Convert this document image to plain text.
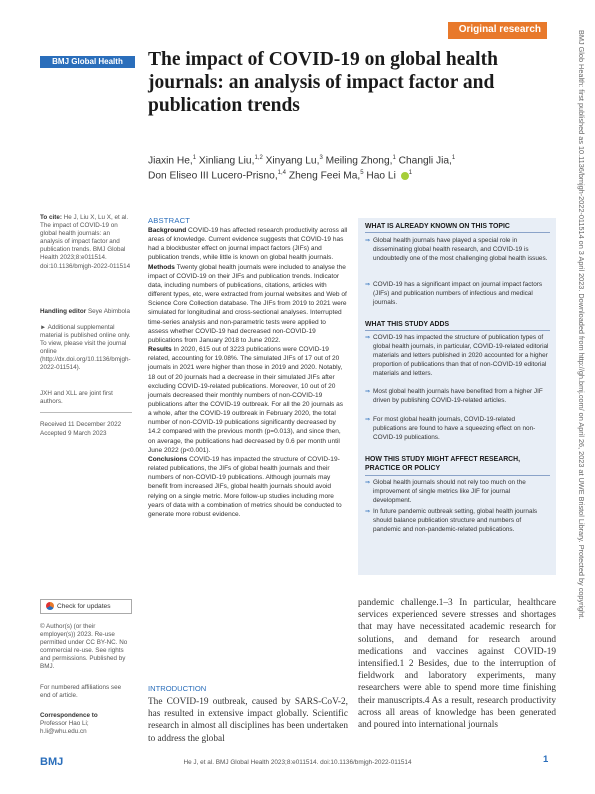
Original research
BMJ Global Health	The impact of COVID-19 on global health journals: an analysis of impact factor and publication trends
Jiaxin He,$^1$ Xinliang Liu,$^{1,2}$ Xinyang Lu,$^3$ Meiling Zhong,$^1$ Changli Jia,$^1$
Don Eliseo III Lucero-Prisno,$^{1,4}$ Zheng Feei Ma,$^5$ Hao Li $^1$
To cite: He J, Liu X, Lu X, et al. The impact of COVID-19 on global health journals: an analysis of impact factor and publication trends. BMJ Global Health 2023;8:e011514. doi:10.1136/bmjgh-2022-011514
Handling editor Seye Abimbola
► Additional supplemental material is published online only. To view, please visit the journal online (http://dx.doi.org/10.1136/bmjgh-2022-011514).
JXH and XLL are joint first authors.
Received 11 December 2022
Accepted 9 March 2023
Check for updates
© Author(s) (or their employer(s)) 2023. Re-use permitted under CC BY-NC. No commercial re-use. See rights and permissions. Published by BMJ.
For numbered affiliations see end of article.
Correspondence to
Professor Hao Li;
h.li@whu.edu.cn
ABSTRACT

Background COVID-19 has affected research productivity across all areas of knowledge. Current evidence suggests that COVID-19 has had a blockbuster effect on journal impact factors (JIFs) and publication trends, while little is known on global health journals.

Methods Twenty global health journals were included to analyse the impact of COVID-19 on their JIFs and publication trends. Indicator data, including numbers of publications, citations, articles with different types, etc, were extracted from journal websites and Web of Science Core Collection database. The JIFs from 2019 to 2021 were simulated for longitudinal and cross-sectional analyses. Interrupted time-series analysis and non-parametric tests were applied to assess whether COVID-19 had decreased non-COVID-19 publications from January 2018 to June 2022.

Results In 2020, 615 out of 3223 publications were COVID-19 related, accounting for 19.08%. The simulated JIFs of 17 out of 20 journals in 2021 were higher than those in 2019 and 2020. Notably, 18 out of 20 journals had a decrease in their simulated JIFs after excluding COVID-19-related publications. Moreover, 10 out of 20 journals decreased their monthly numbers of non-COVID-19 publications after the COVID-19 outbreak. For all the 20 journals as a whole, after the COVID-19 outbreak in February 2020, the total number of non-COVID-19 publications significantly decreased by 14.2 compared with the previous month (p=0.013), and since then, on average, the publications had decreased by 0.6 per month until June 2022 (p<0.001).

Conclusions COVID-19 has impacted the structure of COVID-19-related publications, the JIFs of global health journals and their numbers of non-COVID-19 publications. Although journals may benefit from increased JIFs, global health journals should avoid relying on a single metric. More follow-up studies including more years of data with a combination of metrics should be conducted to generate more robust evidence.

WHAT IS ALREADY KNOWN ON THIS TOPIC
⇒ Global health journals have played a special role in disseminating global health research, and COVID-19 is undoubtedly one of the most challenging global health issues.
⇒ COVID-19 has a significant impact on journal impact factors (JIFs) and publication numbers of infectious and medical journals.
WHAT THIS STUDY ADDS
⇒ COVID-19 has impacted the structure of publication types of global health journals, in particular, COVID-19-related editorial materials and letters published in 2020 accounted for a higher proportion of publications than that of non-COVID-19 editorial materials and letters.
⇒ Most global health journals have benefited from a higher JIF driven by publishing COVID-19-related articles.
⇒ For most global health journals, COVID-19-related publications are found to have a squeezing effect on non-COVID-19 publications.
HOW THIS STUDY MIGHT AFFECT RESEARCH, PRACTICE OR POLICY
⇒ Global health journals should not rely too much on the improvement of single metrics like JIF for journal development.
⇒ In future pandemic outbreak setting, global health journals should balance publication structure and numbers of pandemic and non-pandemic-related publications.
pandemic challenge.1–3 In particular, healthcare services experienced severe stresses and shortages that may have necessitated academic research for solutions, and demand for research around medications and vaccines against COVID-19 intensified.1 2 Besides, due to the interruption of fieldwork and laboratory experiments, many researchers were able to spend more time finishing their manuscripts.4 As a result, research productivity across all areas of knowledge has been generated and poured into international journals
INTRODUCTION
The COVID-19 outbreak, caused by SARS-CoV-2, has resulted in extensive impact globally. Scientific research in almost all disciplines has been undertaken to address the global
BMJ	He J, et al. BMJ Global Health 2023;8:e011514. doi:10.1136/bmjgh-2022-011514	1
BMJ Glob Health: first published as 10.1136/bmjgh-2022-011514 on 3 April 2023. Downloaded from http://gh.bmj.com/ on April 26, 2023 at UWE Bristol Library. Protected by copyright.
